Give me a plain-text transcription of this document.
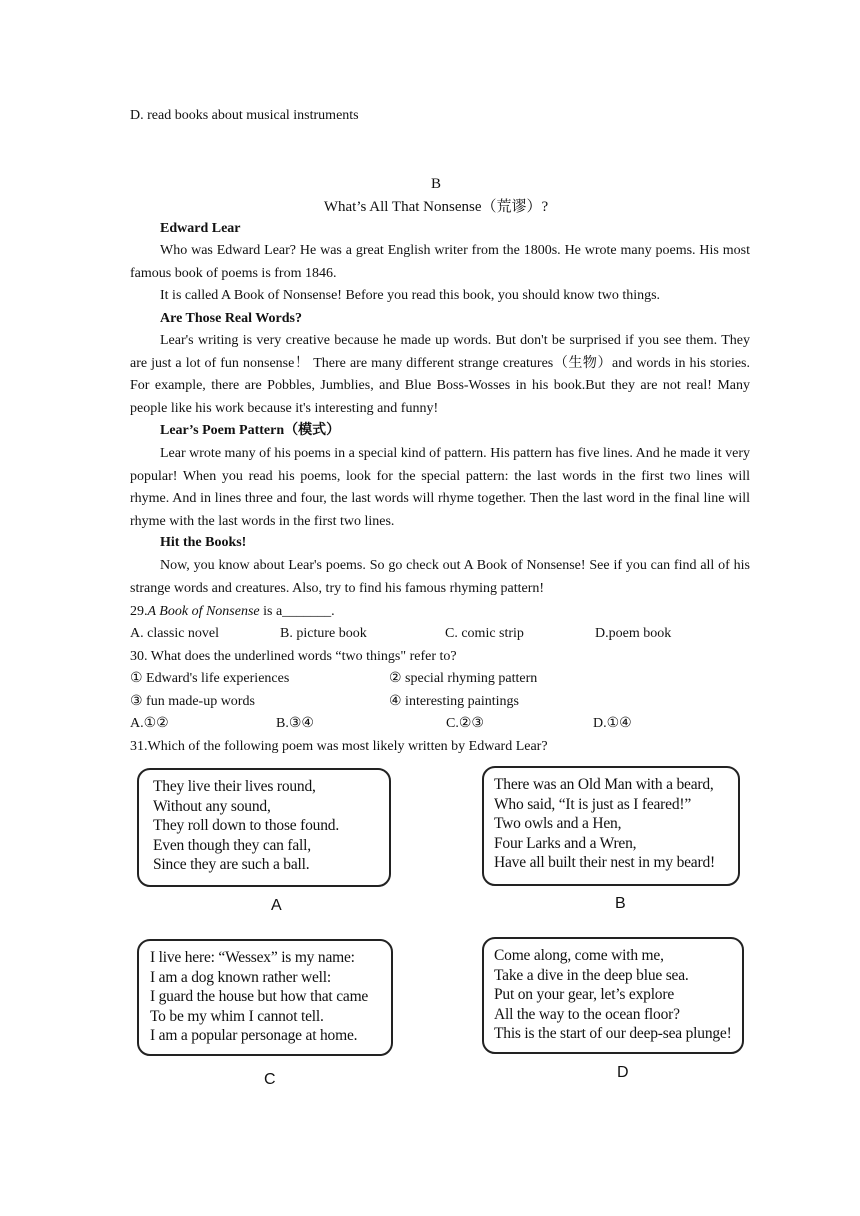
D. read books about musical instruments
B
What’s All That Nonsense（荒谬）?
Edward Lear
Who was Edward Lear? He was a great English writer from the 1800s. He wrote many poems. His most famous book of poems is from 1846.
It is called A Book of Nonsense! Before you read this book, you should know two things.
Are Those Real Words?
Lear's writing is very creative because he made up words. But don't be surprised if you see them. They are just a lot of fun nonsense！ There are many different strange creatures（生物）and words in his stories. For example, there are Pobbles, Jumblies, and Blue Boss-Wosses in his book.But they are not real! Many people like his work because it's interesting and funny!
Lear’s Poem Pattern（模式）
Lear wrote many of his poems in a special kind of pattern. His pattern has five lines. And he made it very popular! When you read his poems, look for the special pattern: the last words in the first two lines will rhyme. And in lines three and four, the last words will rhyme together. Then the last word in the final line will rhyme with the last words in the first two lines.
Hit the Books!
Now, you know about Lear's poems. So go check out A Book of Nonsense! See if you can find all of his strange words and creatures. Also, try to find his famous rhyming pattern!
29.A Book of Nonsense is a_______.
A. classic novel	B. picture book	C. comic strip	D.poem book
30. What does the underlined words “two things" refer to?
① Edward's life experiences	② special rhyming pattern
③ fun made-up words	④ interesting paintings
A.①②	B.③④	C.②③	D.①④
31.Which of the following poem was most likely written by Edward Lear?
They live their lives round,
Without any sound,
They roll down to those found.
Even though they can fall,
Since they are such a ball.
A
There was an Old Man with a beard,
Who said, “It is just as I feared!”
Two owls and a Hen,
Four Larks and a Wren,
Have all built their nest in my beard!
B
I live here: “Wessex” is my name:
I am a dog known rather well:
I guard the house but how that came
To be my whim I cannot tell.
I am a popular personage at home.
C
Come along, come with me,
Take a dive in the deep blue sea.
Put on your gear, let’s explore
All the way to the ocean floor?
This is the start of our deep-sea plunge!
D
